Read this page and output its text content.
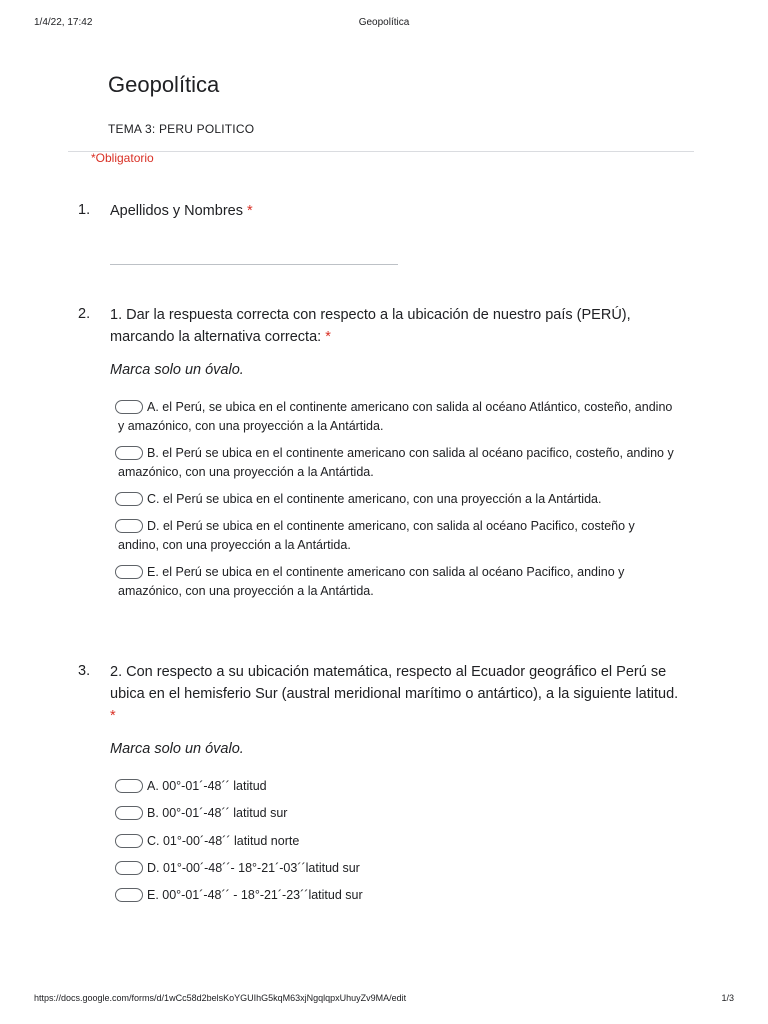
1/4/22, 17:42	Geopolítica
Geopolítica
TEMA 3: PERU POLITICO
*Obligatorio
1. Apellidos y Nombres *
2. 1. Dar la respuesta correcta con respecto a la ubicación de nuestro país (PERÚ), marcando la alternativa correcta: *
Marca solo un óvalo.
A. el Perú, se ubica en el continente americano con salida al océano Atlántico, costeño, andino y amazónico, con una proyección a la Antártida.
B. el Perú se ubica en el continente americano con salida al océano pacifico, costeño, andino y amazónico, con una proyección a la Antártida.
C. el Perú se ubica en el continente americano, con una proyección a la Antártida.
D. el Perú se ubica en el continente americano, con salida al océano Pacifico, costeño y andino, con una proyección a la Antártida.
E. el Perú se ubica en el continente americano con salida al océano Pacifico, andino y amazónico, con una proyección a la Antártida.
3. 2. Con respecto a su ubicación matemática, respecto al Ecuador geográfico el Perú se ubica en el hemisferio Sur (austral meridional marítimo o antártico), a la siguiente latitud. *
Marca solo un óvalo.
A. 00°-01´-48´´ latitud
B. 00°-01´-48´´ latitud sur
C. 01°-00´-48´´ latitud norte
D. 01°-00´-48´´- 18°-21´-03´´latitud sur
E. 00°-01´-48´´ - 18°-21´-23´´latitud sur
https://docs.google.com/forms/d/1wCc58d2belsKoYGUIhG5kqM63xjNgqlqpxUhuyZv9MA/edit	1/3
